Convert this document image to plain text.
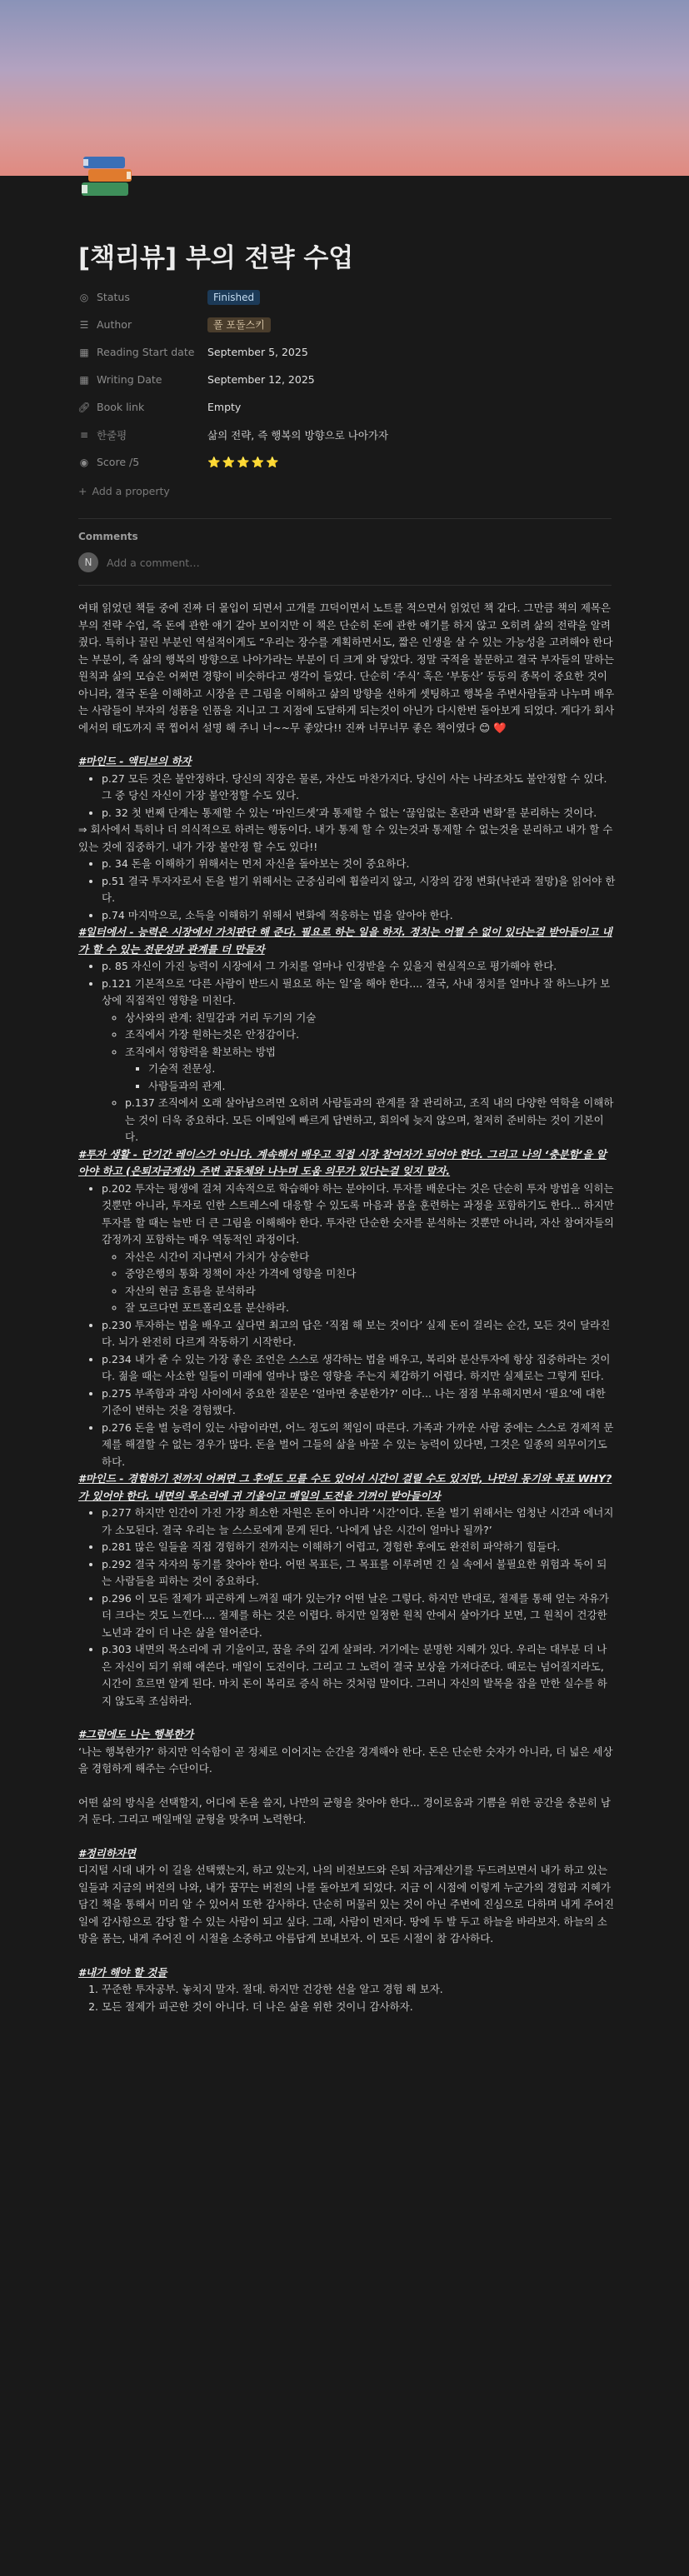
[책리뷰] 부의 전략 수업
◎ Status	Finished
☰ Author	폴 포돌스키
▦ Reading Start date September 5, 2025
▦ Writing Date	September 12, 2025
🔗︎ Book link	Empty
≡ 한줄평	삶의 전략, 즉 행복의 방향으로 나아가자
◉ Score /5	⭐⭐⭐⭐⭐
+ Add a property
Comments
N	Add a comment…

여태 읽었던 책들 중에 진짜 더 몰입이 되면서 고개를 끄덕이면서 노트를 적으면서 읽었던 책 같다. 그만큼 책의 제목은 부의 전략 수업, 즉 돈에 관한 얘기 같아 보이지만 이 책은 단순히 돈에 관한 얘기를 하지 않고 오히려 삶의 전략을 알려줬다. 특히나 끌린 부분인 역설적이게도 “우리는 장수를 계획하면서도, 짧은 인생을 살 수 있는 가능성을 고려해야 한다는 부분이, 즉 삶의 행복의 방향으로 나아가라는 부분이 더 크게 와 닿았다. 정말 국적을 불문하고 결국 부자들의 말하는 원칙과 삶의 모습은 어쩌면 경향이 비슷하다고 생각이 들었다. 단순히 ‘주식’ 혹은 ‘부동산’ 등등의 종목이 중요한 것이 아니라, 결국 돈을 이해하고 시장을 큰 그림을 이해하고 삶의 방향을 선하게 셋팅하고 행복을 주변사람들과 나누며 배우는 사람들이 부자의 성품을 인품을 지니고 그 지점에 도달하게 되는것이 아닌가 다시한번 돌아보게 되었다. 게다가 회사에서의 태도까지 콕 찝어서 설명 해 주니 너~~무 좋았다!! 진짜 너무너무 좋은 책이였다 😊 ❤️

#마인드 - 액티브의 하자

• p.27 모든 것은 불안정하다. 당신의 직장은 물론, 자산도 마찬가지다. 당신이 사는 나라조차도 불안정할 수 있다. 그 중 당신 자신이 가장 불안정할 수도 있다.
• p. 32 첫 번째 단계는 통제할 수 있는 ‘마인드셋’과 통제할 수 없는 ‘끊임없는 혼란과 변화’를 분리하는 것이다.

⇒ 회사에서 특히나 더 의식적으로 하려는 행동이다. 내가 통제 할 수 있는것과 통제할 수 없는것을 분리하고 내가 할 수 있는 것에 집중하기. 내가 가장 불안정 할 수도 있다!!

• p. 34 돈을 이해하기 위해서는 먼저 자신을 돌아보는 것이 중요하다.
• p.51 결국 투자자로서 돈을 벌기 위해서는 군중심리에 휩쓸리지 않고, 시장의 감정 변화(낙관과 절망)을 읽어야 한다.
• p.74 마지막으로, 소득을 이해하기 위해서 변화에 적응하는 법을 알아야 한다.

#일터에서 - 능력은 시장에서 가치판단 해 준다. 필요로 하는 일을 하자. 정치는 어쩔 수 없이 있다는걸 받아들이고 내가 할 수 있는 전문성과 관계를 더 만들자

• p. 85 자신이 가진 능력이 시장에서 그 가치를 얼마나 인정받을 수 있을지 현실적으로 평가해야 한다.
• p.121 기본적으로 ‘다른 사람이 반드시 필요로 하는 일’을 해야 한다.... 결국, 사내 정치를 얼마나 잘 하느냐가 보상에 직접적인 영향을 미친다.
◦ 상사와의 관계: 친밀감과 거리 두기의 기술
◦ 조직에서 가장 원하는것은 안정감이다.
◦ 조직에서 영향력을 확보하는 방법
▪ 기술적 전문성.
▪ 사람들과의 관계.
◦ p.137 조직에서 오래 살아남으려면 오히려 사람들과의 관계를 잘 관리하고, 조직 내의 다양한 역학을 이해하는 것이 더욱 중요하다. 모든 이메일에 빠르게 답변하고, 회의에 늦지 않으며, 철저히 준비하는 것이 기본이다.

#투자 생활 - 단기간 레이스가 아니다. 계속해서 배우고 직접 시장 참여자가 되어야 한다. 그리고 나의 ‘충분함’을 알아야 하고 (은퇴자금계산) 주변 공동체와 나누며 도움 의무가 있다는걸 잊지 말자.

• p.202 투자는 평생에 걸쳐 지속적으로 학습해야 하는 분야이다. 투자를 배운다는 것은 단순히 투자 방법을 익히는 것뿐만 아니라, 투자로 인한 스트레스에 대응할 수 있도록 마음과 몸을 훈련하는 과정을 포함하기도 한다... 하지만 투자를 할 때는 늘반 더 큰 그림을 이해해야 한다. 투자란 단순한 숫자를 분석하는 것뿐만 아니라, 자산 참여자들의 감정까지 포함하는 매우 역동적인 과정이다.
◦ 자산은 시간이 지나면서 가치가 상승한다
◦ 중앙은행의 통화 정책이 자산 가격에 영향을 미친다
◦ 자산의 현금 흐름을 분석하라
◦ 잘 모르다면 포트폴리오를 분산하라.
• p.230 투자하는 법을 배우고 싶다면 최고의 답은 ‘직접 해 보는 것이다’ 실제 돈이 걸리는 순간, 모든 것이 달라진다. 뇌가 완전히 다르게 작동하기 시작한다.
• p.234 내가 줄 수 있는 가장 좋은 조언은 스스로 생각하는 법을 배우고, 복리와 분산투자에 항상 집중하라는 것이다. 젊을 때는 사소한 일들이 미래에 얼마나 많은 영향을 주는지 체감하기 어렵다. 하지만 실제로는 그렇게 된다.
• p.275 부족함과 과잉 사이에서 중요한 질문은 ‘얼마면 충분한가?’ 이다... 나는 점점 부유해지면서 ‘필요’에 대한 기준이 변하는 것을 경험했다.
• p.276 돈을 벌 능력이 있는 사람이라면, 어느 정도의 책임이 따른다. 가족과 가까운 사람 중에는 스스로 경제적 문제를 해결할 수 없는 경우가 많다. 돈을 벌어 그들의 삶을 바꿀 수 있는 능력이 있다면, 그것은 일종의 의무이기도 하다.

#마인드 - 경험하기 전까지 어쩌면 그 후에도 모를 수도 있어서 시간이 걸릴 수도 있지만, 나만의 동기와 목표 WHY?가 있어야 한다. 내면의 목소리에 귀 기울이고 매일의 도전을 기꺼이 받아들이자

• p.277 하지만 인간이 가진 가장 희소한 자원은 돈이 아니라 ‘시간’이다. 돈을 벌기 위해서는 엄청난 시간과 에너지가 소모된다. 결국 우리는 늘 스스로에게 묻게 된다. ‘나에게 남은 시간이 얼마나 될까?’
• p.281 많은 일들을 직접 경험하기 전까지는 이해하기 어렵고, 경험한 후에도 완전히 파악하기 힘들다.
• p.292 결국 자자의 동기를 찾아야 한다. 어떤 목표든, 그 목표를 이루려면 긴 실 속에서 불필요한 위험과 독이 되는 사람들을 피하는 것이 중요하다.
• p.296 이 모든 절제가 피곤하게 느껴질 때가 있는가? 어떤 날은 그렇다. 하지만 반대로, 절제를 통해 얻는 자유가 더 크다는 것도 느낀다.... 절제를 하는 것은 이렵다. 하지만 일정한 원칙 안에서 살아가다 보면, 그 원칙이 건강한 노년과 같이 더 나은 삶을 열어준다.
• p.303 내면의 목소리에 귀 기울이고, 꿈을 주의 깊게 살펴라. 거기에는 분명한 지혜가 있다. 우리는 대부분 더 나은 자신이 되기 위해 애쓴다. 매일이 도전이다. 그리고 그 노력이 결국 보상을 가져다준다. 때로는 넘어질지라도, 시간이 흐르면 알게 된다. 마치 돈이 복리로 증식 하는 것처럼 말이다. 그러니 자신의 발목을 잡을 만한 실수를 하지 않도록 조심하라.

#그럼에도 나는 행복한가

‘나는 행복한가?’ 하지만 익숙함이 곧 정체로 이어지는 순간을 경계해야 한다. 돈은 단순한 숫자가 아니라, 더 넓은 세상을 경험하게 해주는 수단이다.

어떤 삶의 방식을 선택할지, 어디에 돈을 쓸지, 나만의 균형을 찾아야 한다... 경이로움과 기쁨을 위한 공간을 충분히 남겨 둔다. 그리고 매일매일 균형을 맞추며 노력한다.

#정리하자면

디지털 시대 내가 이 길을 선택했는지, 하고 있는지, 나의 비전보드와 은퇴 자금계산기를 두드려보면서 내가 하고 있는 일들과 지금의 버전의 나와, 내가 꿈꾸는 버전의 나를 돌아보게 되었다. 지금 이 시점에 이렇게 누군가의 경험과 지혜가 담긴 책을 통해서 미리 알 수 있어서 또한 감사하다. 단순히 머물러 있는 것이 아닌 주변에 진심으로 다하며 내게 주어진 일에 감사함으로 감당 할 수 있는 사람이 되고 싶다. 그래, 사람이 먼저다. 땅에 두 발 두고 하늘을 바라보자. 하늘의 소망을 품는, 내게 주어진 이 시절을 소중하고 아름답게 보내보자. 이 모든 시절이 참 감사하다.

#내가 해야 할 것들

1. 꾸준한 투자공부. 놓치지 말자. 절대. 하지만 건강한 선을 알고 경험 해 보자.
2. 모든 절제가 피곤한 것이 아니다. 더 나은 삶을 위한 것이니 감사하자.
